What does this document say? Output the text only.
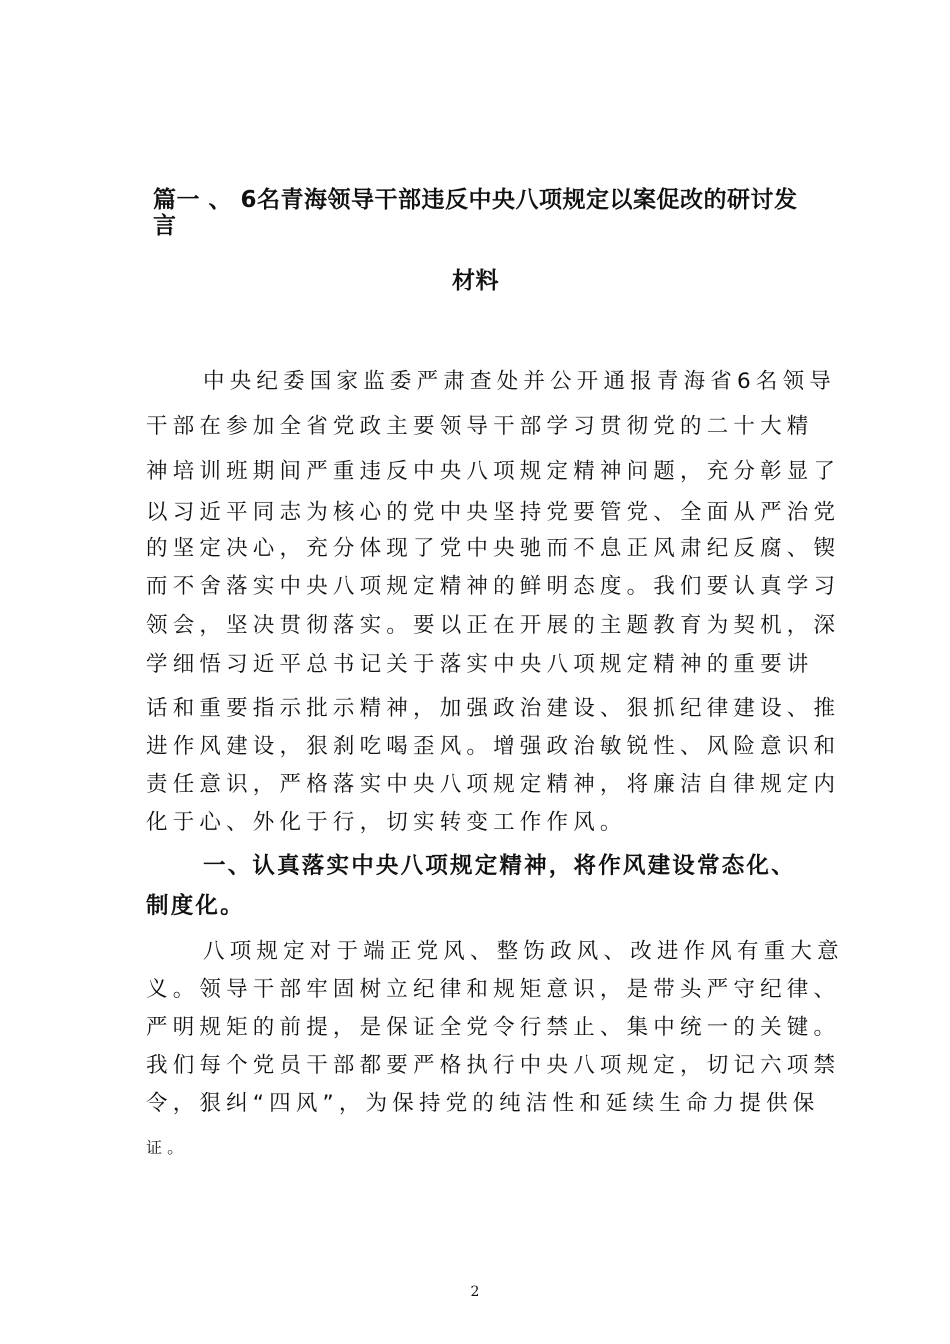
篇一 、 6名青海领导干部违反中央八项规定以案促改的研讨发
言
材料
中央纪委国家监委严肃查处并公开通报青海省6名领导
干部在参加全省党政主要领导干部学习贯彻党的二十大精
神培训班期间严重违反中央八项规定精神问题，充分彰显了
以习近平同志为核心的党中央坚持党要管党、全面从严治党
的坚定决心，充分体现了党中央驰而不息正风肃纪反腐、锲
而不舍落实中央八项规定精神的鲜明态度。我们要认真学习
领会，坚决贯彻落实。要以正在开展的主题教育为契机，深
学细悟习近平总书记关于落实中央八项规定精神的重要讲
话和重要指示批示精神，加强政治建设、狠抓纪律建设、推
进作风建设，狠刹吃喝歪风。增强政治敏锐性、风险意识和
责任意识，严格落实中央八项规定精神，将廉洁自律规定内
化于心、外化于行，切实转变工作作风。
一、认真落实中央八项规定精神，将作风建设常态化、
制度化。
八项规定对于端正党风、整饬政风、改进作风有重大意
义。领导干部牢固树立纪律和规矩意识，是带头严守纪律、
严明规矩的前提，是保证全党令行禁止、集中统一的关键。
我们每个党员干部都要严格执行中央八项规定，切记六项禁
令，狠纠“四风”，为保持党的纯洁性和延续生命力提供保
证 。
2
